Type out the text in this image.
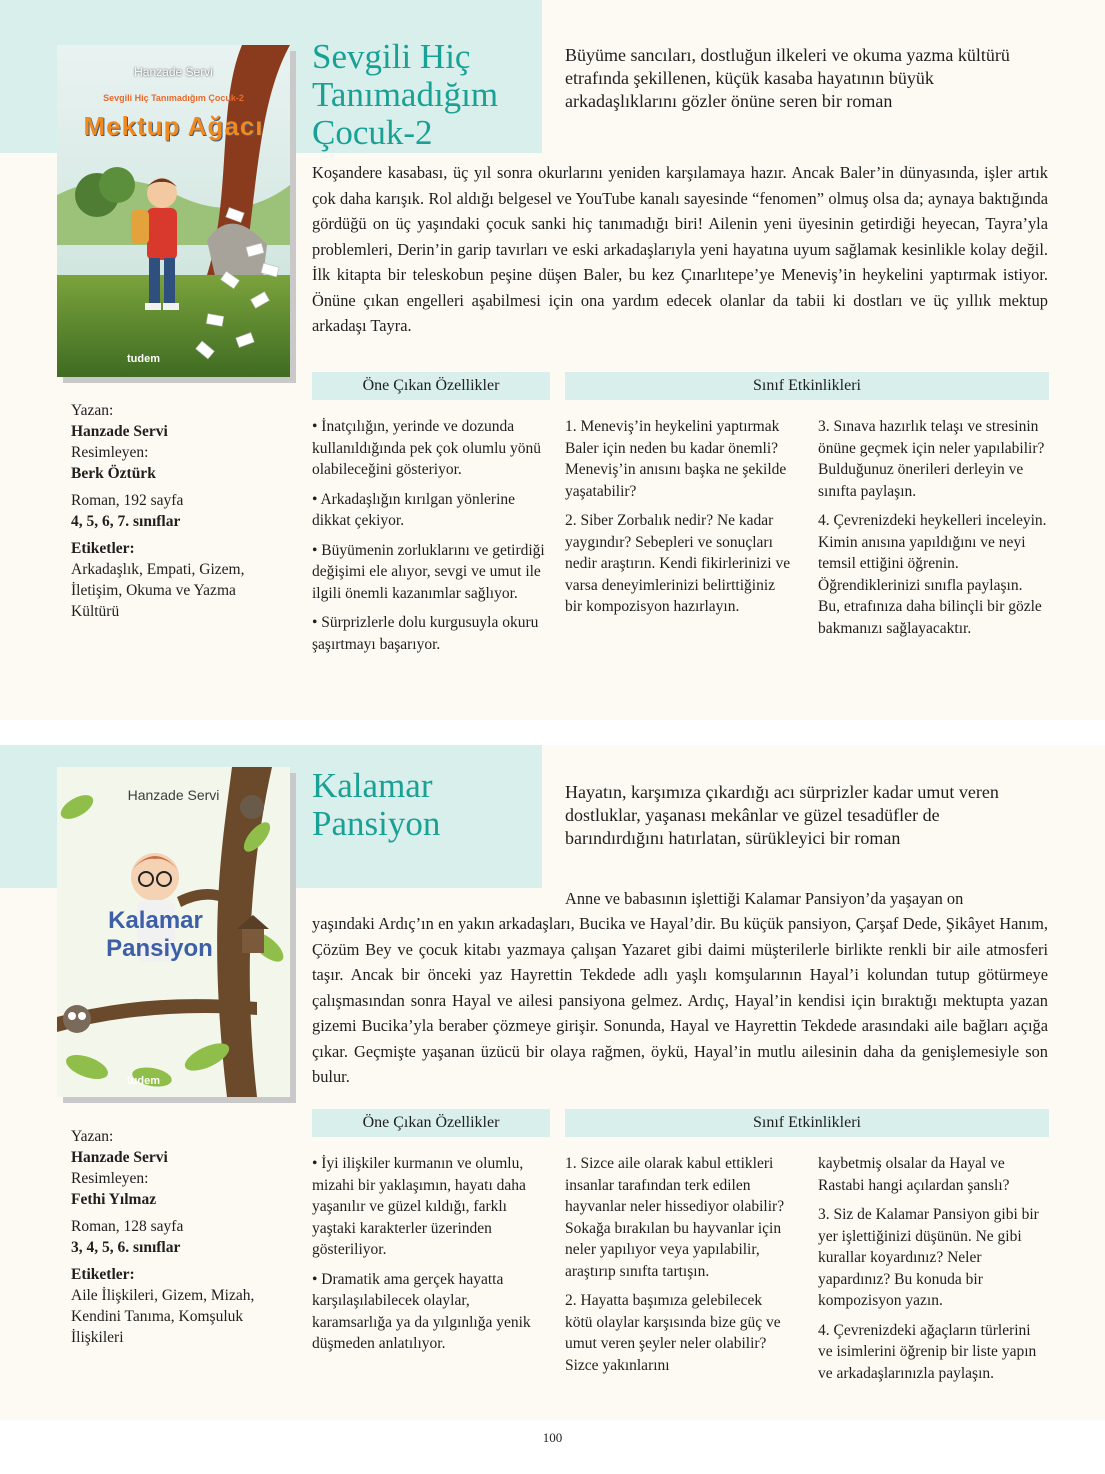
Hanzade Servi
Sevgili Hiç Tanımadığım Çocuk-2
Mektup Ağacı
tudem
Sevgili Hiç
Tanımadığım
Çocuk-2
Büyüme sancıları, dostluğun ilkeleri ve okuma yazma kültürü etrafında şekillenen, küçük kasaba hayatının büyük arkadaşlıklarını gözler önüne seren bir roman
Koşandere kasabası, üç yıl sonra okurlarını yeniden karşılamaya hazır. Ancak Baler’in dünyasında, işler artık çok daha karışık. Rol aldığı belgesel ve YouTube kanalı sayesinde “fenomen” olmuş olsa da; aynaya baktığında gördüğü on üç yaşındaki çocuk sanki hiç tanımadığı biri! Ailenin yeni üyesinin getirdiği heyecan, Tayra’yla problemleri, Derin’in garip tavırları ve eski arkadaşlarıyla yeni hayatına uyum sağlamak kesinlikle kolay değil. İlk kitapta bir teleskobun peşine düşen Baler, bu kez Çınarlıtepe’ye Meneviş’in heykelini yaptırmak istiyor. Önüne çıkan engelleri aşabilmesi için ona yardım edecek olanlar da tabii ki dostları ve üç yıllık mektup arkadaşı Tayra.

Yazan:

Hanzade Servi

Resimleyen:

Berk Öztürk

Roman, 192 sayfa

4, 5, 6, 7. sınıflar

Etiketler:

Arkadaşlık, Empati, Gizem, İletişim, Okuma ve Yazma Kültürü

Öne Çıkan Özellikler	Sınıf Etkinlikleri

• İnatçılığın, yerinde ve dozunda kullanıldığında pek çok olumlu yönü olabileceğini gösteriyor.

• Arkadaşlığın kırılgan yönlerine dikkat çekiyor.

• Büyümenin zorluklarını ve getirdiği değişimi ele alıyor, sevgi ve umut ile ilgili önemli kazanımlar sağlıyor.

• Sürprizlerle dolu kurgusuyla okuru şaşırtmayı başarıyor.

1. Meneviş’in heykelini yaptırmak Baler için neden bu kadar önemli? Meneviş’in anısını başka ne şekilde yaşatabilir?

2. Siber Zorbalık nedir? Ne kadar yaygındır? Sebepleri ve sonuçları nedir araştırın. Kendi fikirlerinizi ve varsa deneyimlerinizi belirttiğiniz bir kompozisyon hazırlayın.

3. Sınava hazırlık telaşı ve stresinin önüne geçmek için neler yapılabilir? Bulduğunuz önerileri derleyin ve sınıfta paylaşın.

4. Çevrenizdeki heykelleri inceleyin. Kimin anısına yapıldığını ve neyi temsil ettiğini öğrenin. Öğrendiklerinizi sınıfla paylaşın. Bu, etrafınıza daha bilinçli bir gözle bakmanızı sağlayacaktır.

Hanzade Servi
Kalamar
Pansiyon
tudem
Kalamar
Pansiyon
Hayatın, karşımıza çıkardığı acı sürprizler kadar umut veren dostluklar, yaşanası mekânlar ve güzel tesadüfler de barındırdığını hatırlatan, sürükleyici bir roman
Anne ve babasının işlettiği Kalamar Pansiyon’da yaşayan on
yaşındaki Ardıç’ın en yakın arkadaşları, Bucika ve Hayal’dir. Bu küçük pansiyon, Çarşaf Dede, Şikâyet Hanım, Çözüm Bey ve çocuk kitabı yazmaya çalışan Yazaret gibi daimi müşterilerle birlikte renkli bir aile atmosferi taşır. Ancak bir önceki yaz Hayrettin Tekdede adlı yaşlı komşularının Hayal’i kolundan tutup götürmeye çalışmasından sonra Hayal ve ailesi pansiyona gelmez. Ardıç, Hayal’in kendisi için bıraktığı mektupta yazan gizemi Bucika’yla beraber çözmeye girişir. Sonunda, Hayal ve Hayrettin Tekdede arasındaki aile bağları açığa çıkar. Geçmişte yaşanan üzücü bir olaya rağmen, öykü, Hayal’in mutlu ailesinin daha da genişlemesiyle son bulur.

Yazan:

Hanzade Servi

Resimleyen:

Fethi Yılmaz

Roman, 128 sayfa

3, 4, 5, 6. sınıflar

Etiketler:

Aile İlişkileri, Gizem, Mizah, Kendini Tanıma, Komşuluk İlişkileri

Öne Çıkan Özellikler	Sınıf Etkinlikleri

• İyi ilişkiler kurmanın ve olumlu, mizahi bir yaklaşımın, hayatı daha yaşanılır ve güzel kıldığı, farklı yaştaki karakterler üzerinden gösteriliyor.

• Dramatik ama gerçek hayatta karşılaşılabilecek olaylar, karamsarlığa ya da yılgınlığa yenik düşmeden anlatılıyor.

1. Sizce aile olarak kabul ettikleri insanlar tarafından terk edilen hayvanlar neler hissediyor olabilir? Sokağa bırakılan bu hayvanlar için neler yapılıyor veya yapılabilir, araştırıp sınıfta tartışın.

2. Hayatta başımıza gelebilecek kötü olaylar karşısında bize güç ve umut veren şeyler neler olabilir? Sizce yakınlarını

kaybetmiş olsalar da Hayal ve Rastabi hangi açılardan şanslı?

3. Siz de Kalamar Pansiyon gibi bir yer işlettiğinizi düşünün. Ne gibi kurallar koyardınız? Neler yapardınız? Bu konuda bir kompozisyon yazın.

4. Çevrenizdeki ağaçların türlerini ve isimlerini öğrenip bir liste yapın ve arkadaşlarınızla paylaşın.

100
